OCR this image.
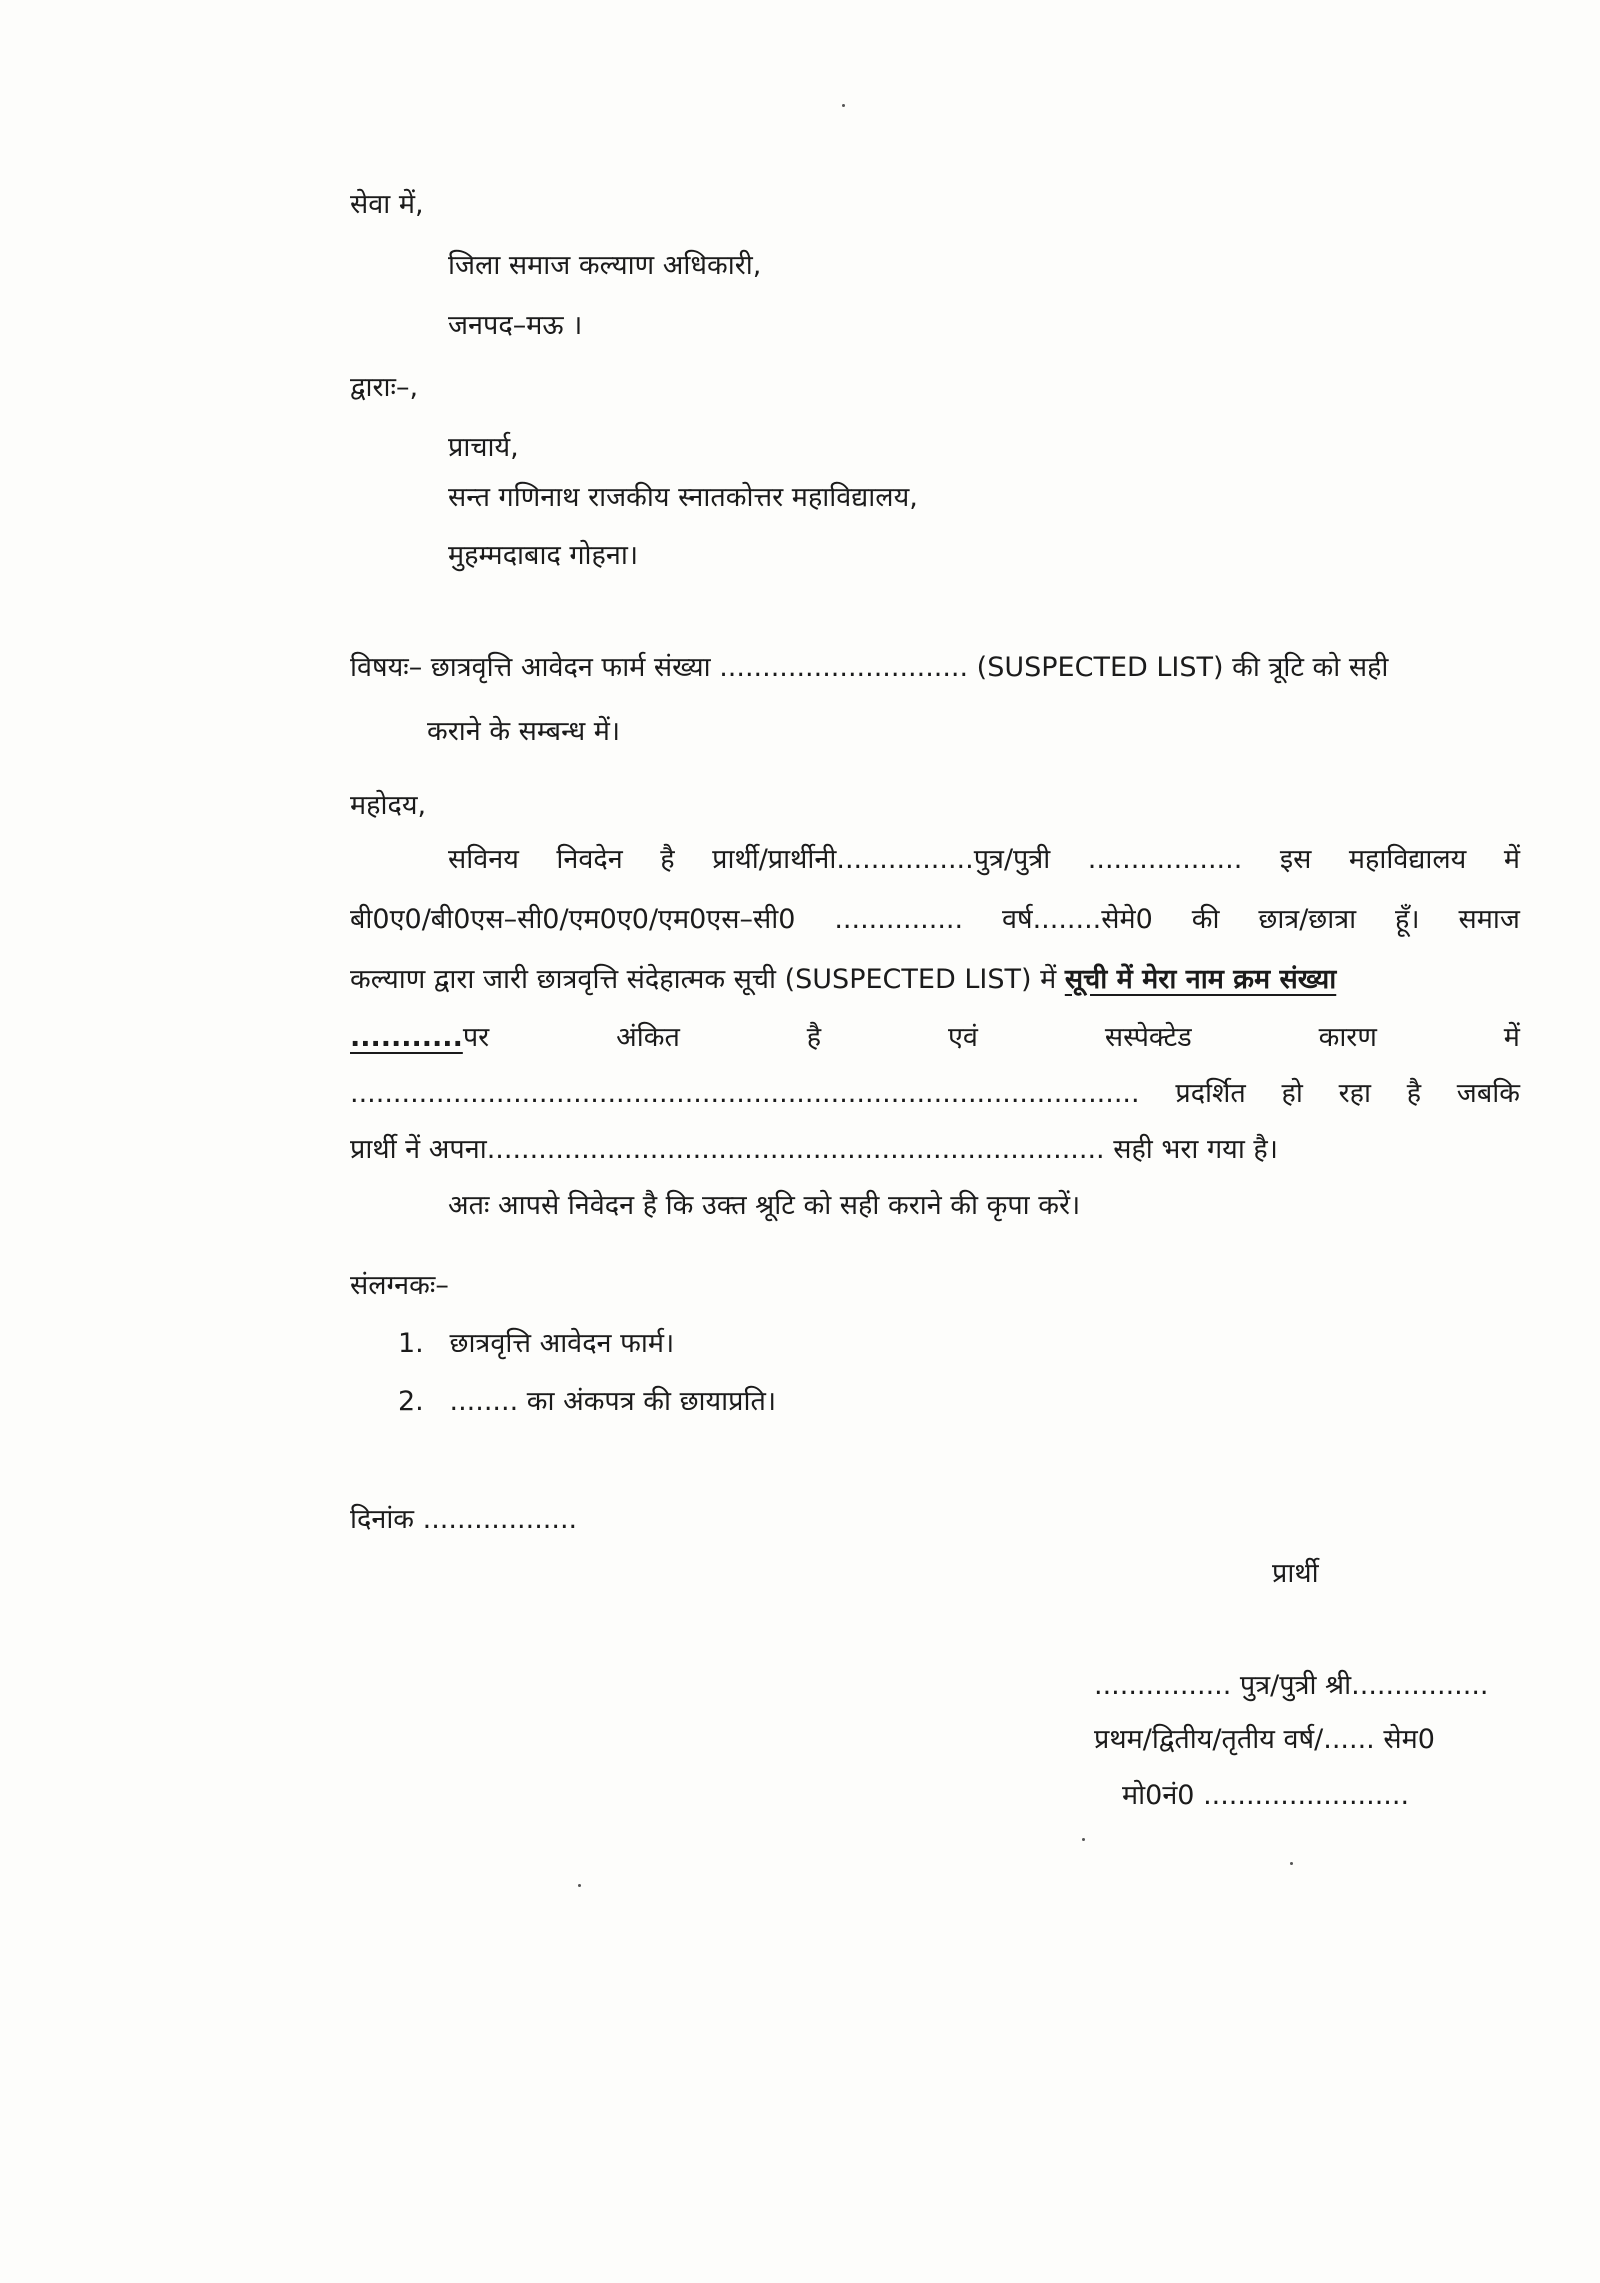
सेवा में,
जिला समाज कल्याण अधिकारी,
जनपद–मऊ ।
द्वाराः–,
प्राचार्य,
सन्त गणिनाथ राजकीय स्नातकोत्तर महाविद्यालय,
मुहम्मदाबाद गोहना।
विषयः– छात्रवृत्ति आवेदन फार्म संख्या ............................. (SUSPECTED LIST) की त्रूटि को सही
कराने के सम्बन्ध में।
महोदय,
सविनय निवदेन है प्रार्थी/प्रार्थीनी................पुत्र/पुत्री .................. इस महाविद्यालय में
बी0ए0/बी0एस–सी0/एम0ए0/एम0एस–सी0 ............... वर्ष........सेमे0 की छात्र/छात्रा हूँ। समाज
कल्याण द्वारा जारी छात्रवृत्ति संदेहात्मक सूची (SUSPECTED LIST) में सूची में मेरा नाम क्रम संख्या
...........पर	अंकित	है	एवं	सस्पेक्टेड	कारण	में
............................................................................................ प्रदर्शित हो रहा है जबकि
प्रार्थी नें अपना........................................................................ सही भरा गया है।
अतः आपसे निवेदन है कि उक्त श्रूटि को सही कराने की कृपा करें।
संलग्नकः–
1. छात्रवृत्ति आवेदन फार्म।
2. ........ का अंकपत्र की छायाप्रति।
दिनांक ..................
प्रार्थी
................ पुत्र/पुत्री श्री................
प्रथम/द्वितीय/तृतीय वर्ष/...... सेम0
मो0नं0 ........................
